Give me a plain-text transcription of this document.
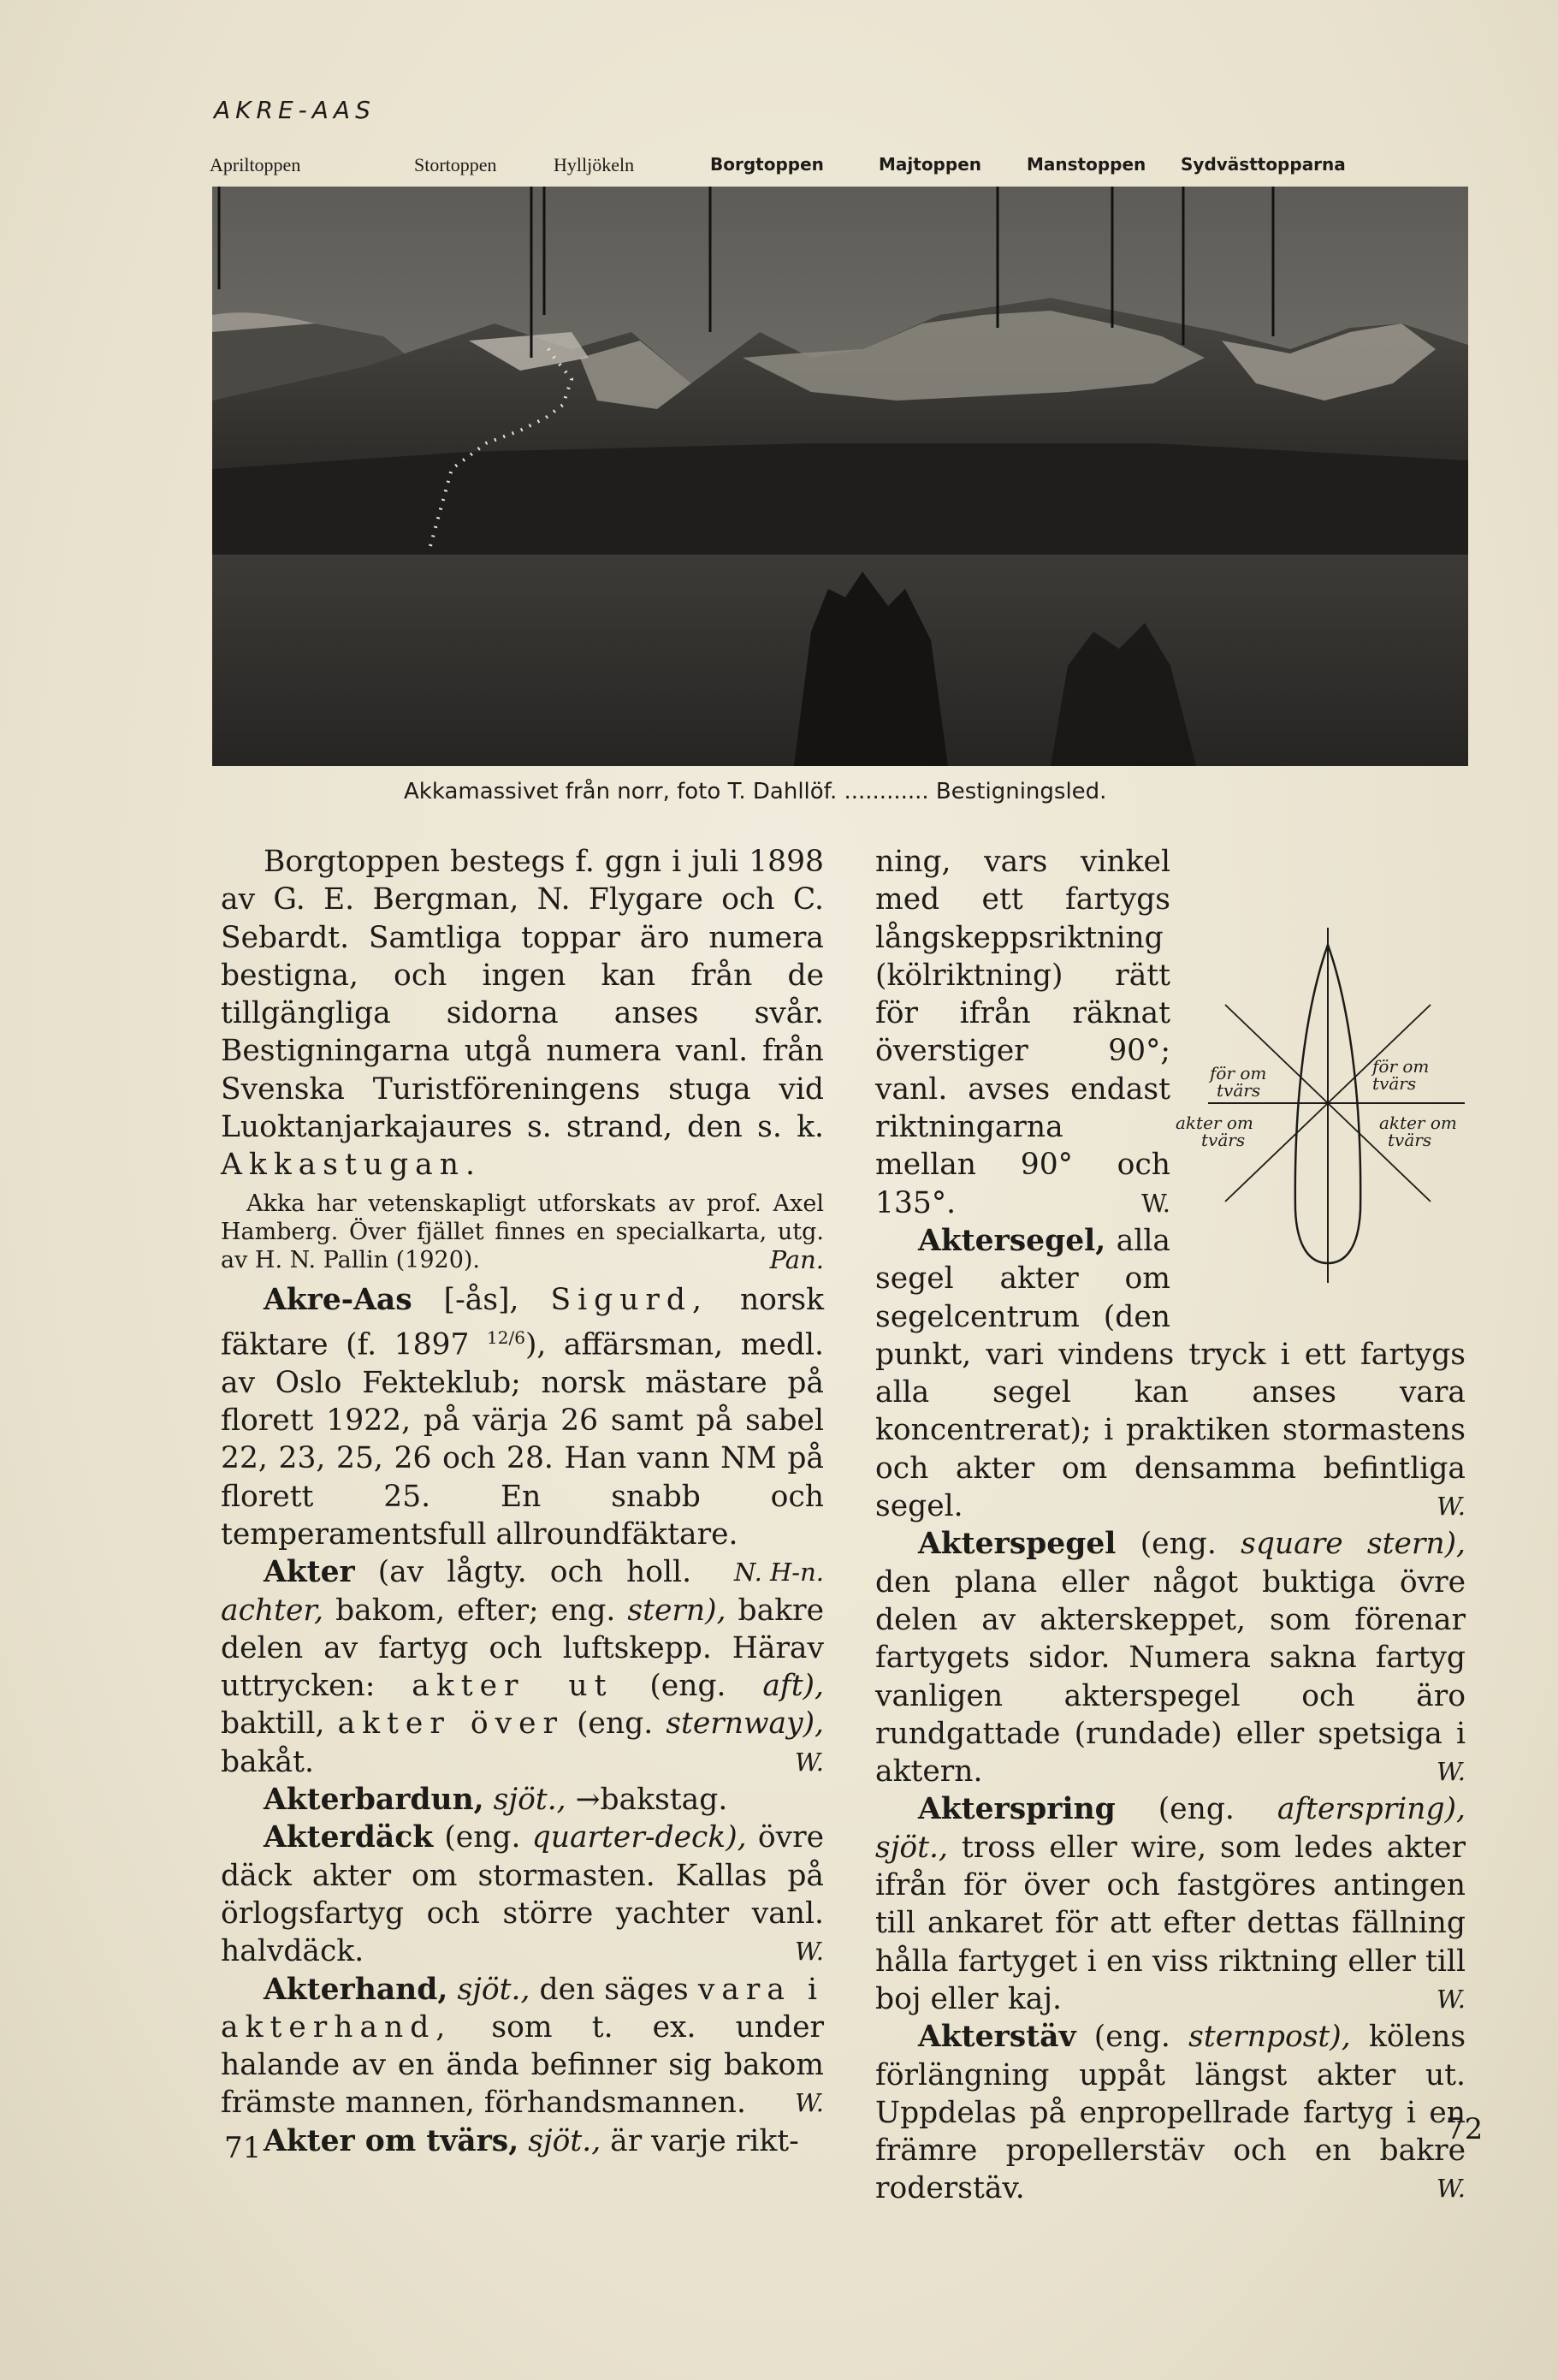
AKRE-AAS
Apriltoppen	Stortoppen	Hylljökeln	Borgtoppen	Majtoppen	Manstoppen Sydvästtopparna
Akkamassivet från norr, foto T. Dahllöf. ............ Bestigningsled.

Borgtoppen bestegs f. ggn i juli 1898 av G. E. Bergman, N. Flygare och C. Sebardt. Samtliga toppar äro numera bestigna, och ingen kan från de tillgängliga sidorna anses svår. Bestigningarna utgå numera vanl. från Svenska Turistföreningens stuga vid Luoktanjarkajaures s. strand, den s. k. Akkastugan.

Akka har vetenskapligt utforskats av prof. Axel Hamberg. Över fjället finnes en specialkarta, utg. av H. N. Pallin (1920).	Pan.

Akre-Aas [-ås], Sigurd, norsk fäktare (f. 1897 $^{12/6}$), affärsman, medl. av Oslo Fekteklub; norsk mästare på florett 1922, på värja 26 samt på sabel 22, 23, 25, 26 och 28. Han vann NM på florett 25. En snabb och temperamentsfull allroundfäktare.
N. H-n.

Akter (av lågty. och holl. achter, bakom, efter; eng. stern), bakre delen av fartyg och luftskepp. Härav uttrycken: akter ut (eng. aft), baktill, akter över (eng. sternway), bakåt.	W.

Akterbardun, sjöt., →bakstag.

Akterdäck (eng. quarter-deck), övre däck akter om stormasten. Kallas på örlogsfartyg och större yachter vanl. halvdäck.	W.

Akterhand, sjöt., den säges vara i akterhand, som t. ex. under halande av en ända befinner sig bakom främste mannen, förhandsmannen.	W.

Akter om tvärs, sjöt., är varje rikt-

ning, vars vinkel med ett fartygs långskeppsriktning (kölriktning) rätt för ifrån räknat överstiger 90°; vanl. avses endast riktningarna mellan 90° och 135°.	W.

Aktersegel, alla segel akter om segelcentrum (den punkt, vari vindens tryck i ett fartygs alla segel kan anses vara koncentrerat); i praktiken stormastens och akter om densamma befintliga segel.	W.

Akterspegel (eng. square stern), den plana eller något buktiga övre delen av akterskeppet, som förenar fartygets sidor. Numera sakna fartyg vanligen akterspegel och äro rundgattade (rundade) eller spetsiga i aktern.	W.

Akterspring (eng. afterspring), sjöt., tross eller wire, som ledes akter ifrån för över och fastgöres antingen till ankaret för att efter dettas fällning hålla fartyget i en viss riktning eller till boj eller kaj.	W.

Akterstäv (eng. sternpost), kölens förlängning uppåt längst akter ut. Uppdelas på enpropellrade fartyg i en främre propellerstäv och en bakre roderstäv.	W.

för om
tvärs
för om
tvärs
akter om
tvärs
akter om
tvärs
71
72
